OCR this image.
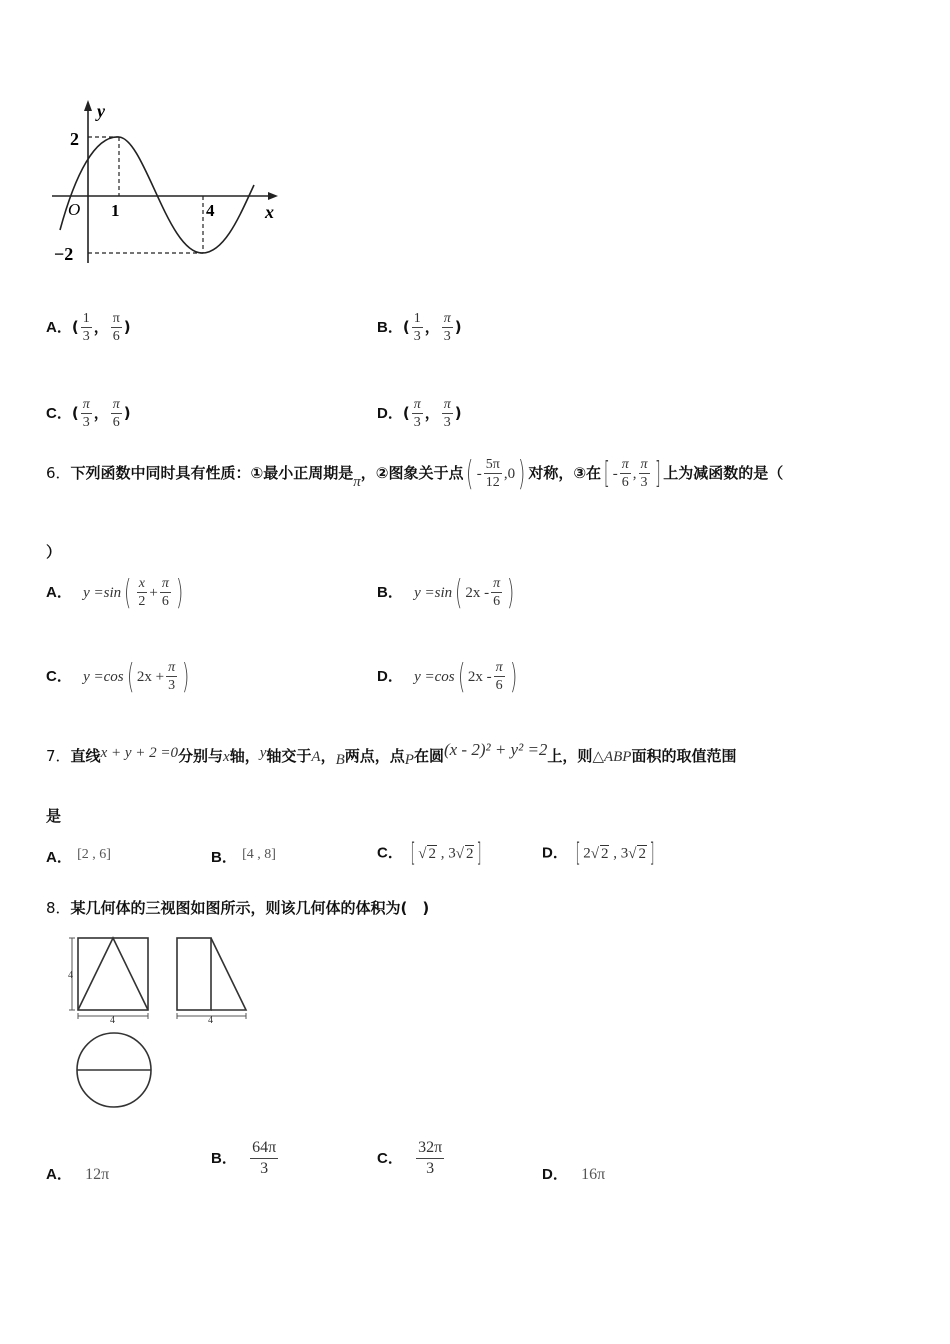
y
x
O 1	4
2
−2
A．( $\frac{1}{3}$ ， $\frac{\pi}{6}$ )	B．( $\frac{1}{3}$ ， $\frac{\pi}{3}$ )
C．( $\frac{\pi}{3}$ ， $\frac{\pi}{6}$ )	D．( $\frac{\pi}{3}$ ， $\frac{\pi}{3}$ )
6．下列函数中同时具有性质：①最小正周期是π，②图象关于点( - $\frac{5\pi}{12} ,0$) 对称，③在[ - $\frac{\pi}{6}$ , $\frac{\pi}{3}$ ] 上为减函数的是（
）
A． $y =\sin( \frac{x}{2} + \frac{\pi}{6}$ )	B． y =sin( $2x - \frac{\pi}{6}$ )
C． y =cos( $2x + \frac{\pi}{3}$ )	D． y =cos( $2x - \frac{\pi}{6}$ )
7．直线x + y + 2 =0分别与x轴，y轴交于A，B两点，点P在圆(x - 2)² + y² =2上，则△ABP面积的取值范围
是
A． [2 , 6]	B． [4 , 8]	C． [ √ 2 , 3√ 2 ]	D． [ 2√ 2 , 3√ 2 ]
8．某几何体的三视图如图所示，则该几何体的体积为(　)
4
4	4
A． 12π
B． $\frac{64\pi}{3}$	C． $\frac{32\pi}{3}$	D． 16π
